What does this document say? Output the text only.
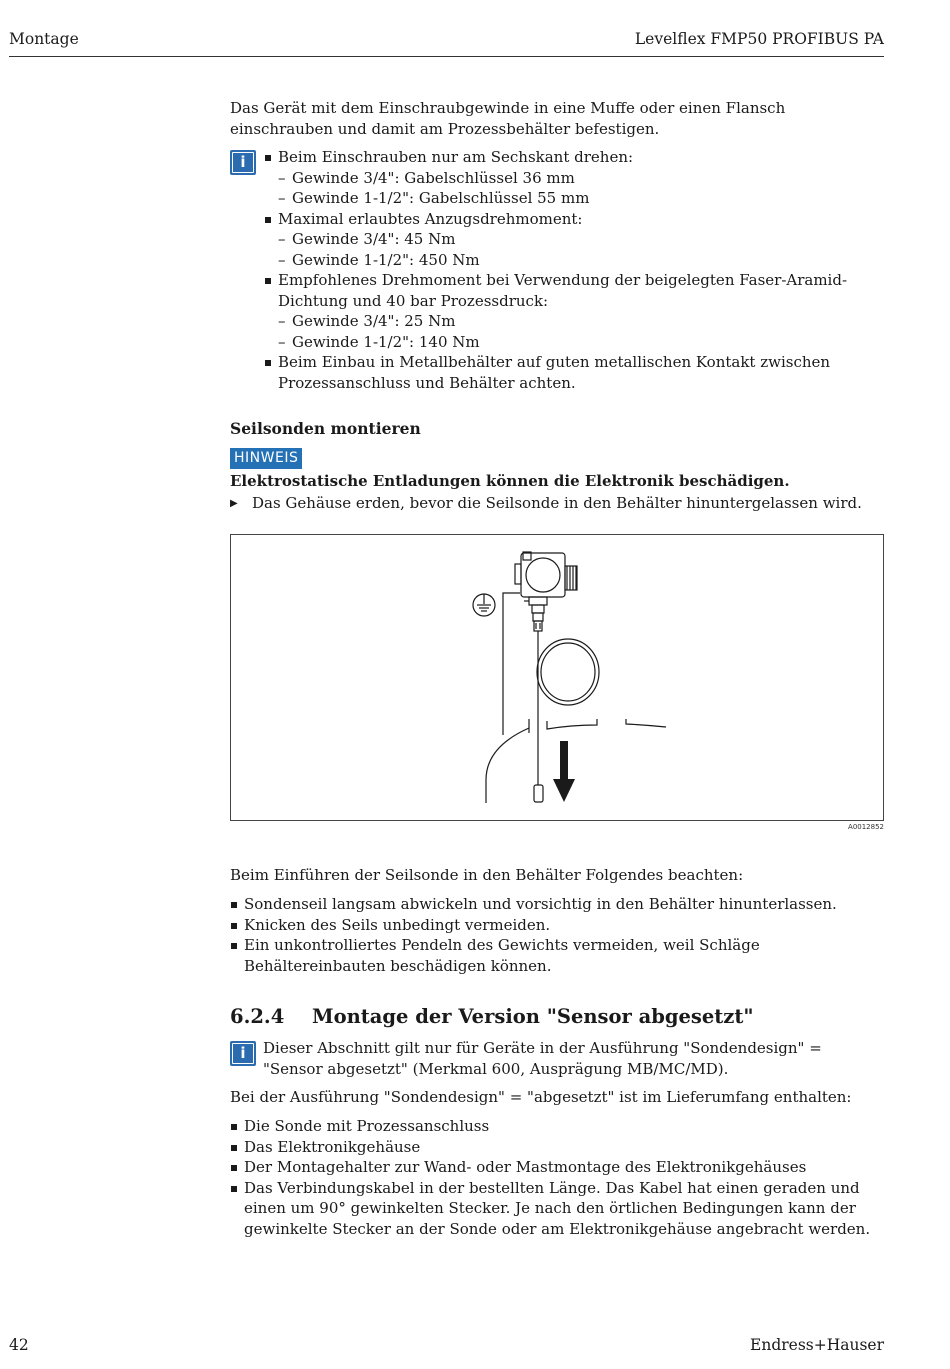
Montage	Levelflex FMP50 PROFIBUS PA
Das Gerät mit dem Einschraubgewinde in eine Muffe oder einen Flansch einschrauben und damit am Prozessbehälter befestigen.
i	Beim Einschrauben nur am Sechskant drehen:
– Gewinde 3/4": Gabelschlüssel 36 mm
– Gewinde 1-1/2": Gabelschlüssel 55 mm
Maximal erlaubtes Anzugsdrehmoment:
– Gewinde 3/4": 45 Nm
– Gewinde 1-1/2": 450 Nm
Empfohlenes Drehmoment bei Verwendung der beigelegten Faser-Aramid-Dichtung und 40 bar Prozessdruck:
– Gewinde 3/4": 25 Nm
– Gewinde 1-1/2": 140 Nm
Beim Einbau in Metallbehälter auf guten metallischen Kontakt zwischen Prozessanschluss und Behälter achten.
Seilsonden montieren
HINWEIS
Elektrostatische Entladungen können die Elektronik beschädigen.
▶ Das Gehäuse erden, bevor die Seilsonde in den Behälter hinuntergelassen wird.
A0012852
Beim Einführen der Seilsonde in den Behälter Folgendes beachten:
Sondenseil langsam abwickeln und vorsichtig in den Behälter hinunterlassen.
Knicken des Seils unbedingt vermeiden.
Ein unkontrolliertes Pendeln des Gewichts vermeiden, weil Schläge Behältereinbauten beschädigen können.
6.2.4 Montage der Version "Sensor abgesetzt"
i	Dieser Abschnitt gilt nur für Geräte in der Ausführung "Sondendesign" = "Sensor abgesetzt" (Merkmal 600, Ausprägung MB/MC/MD).
Bei der Ausführung "Sondendesign" = "abgesetzt" ist im Lieferumfang enthalten:
Die Sonde mit Prozessanschluss
Das Elektronikgehäuse
Der Montagehalter zur Wand- oder Mastmontage des Elektronikgehäuses
Das Verbindungskabel in der bestellten Länge. Das Kabel hat einen geraden und einen um 90° gewinkelten Stecker. Je nach den örtlichen Bedingungen kann der gewinkelte Stecker an der Sonde oder am Elektronikgehäuse angebracht werden.
42	Endress+Hauser
